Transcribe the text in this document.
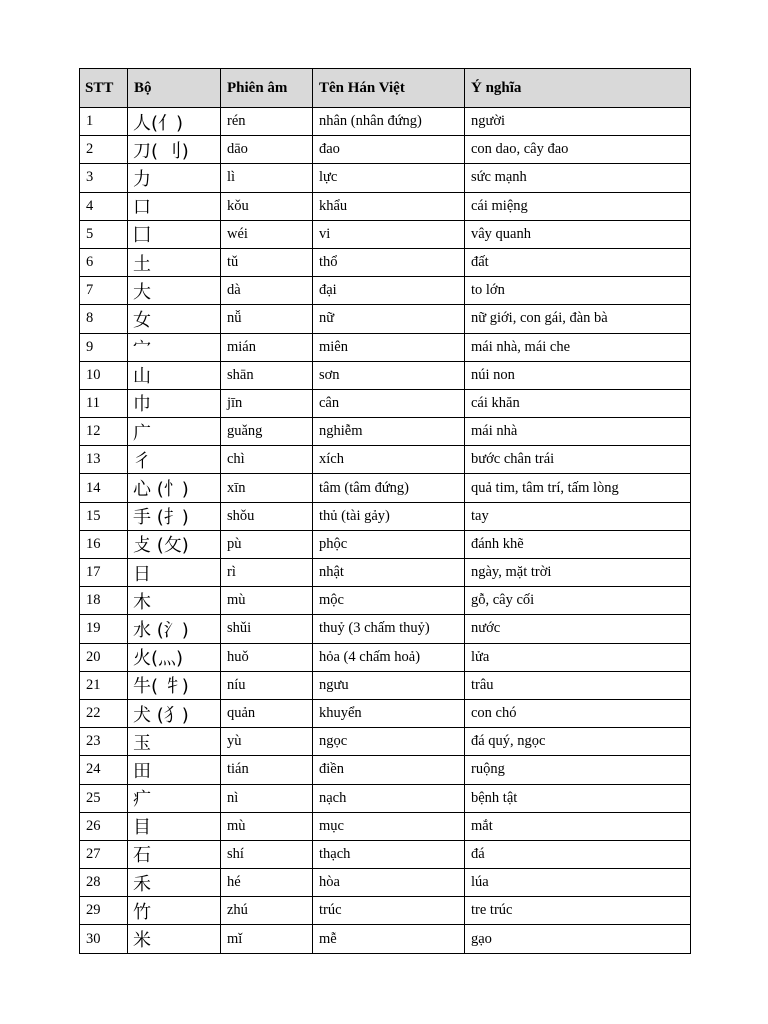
STT	Bộ	Phiên âm	Tên Hán Việt	Ý nghĩa
1	人(亻)	rén	nhân (nhân đứng)	người
2	刀( 刂)	dāo	đao	con dao, cây đao
3	力	lì	lực	sức mạnh
4	口	kǒu	khẩu	cái miệng
5	囗	wéi	vi	vây quanh
6	土	tǔ	thổ	đất
7	大	dà	đại	to lớn
8	女	nǚ	nữ	nữ giới, con gái, đàn bà
9	宀	mián	miên	mái nhà, mái che
10	山	shān	sơn	núi non
11	巾	jīn	cân	cái khăn
12	广	guǎng	nghiễm	mái nhà
13	彳	chì	xích	bước chân trái
14	心 (忄)	xīn	tâm (tâm đứng)	quả tim, tâm trí, tấm lòng
15	手 (扌)	shǒu	thủ (tài gảy)	tay
16	攴 (攵)	pù	phộc	đánh khẽ
17	日	rì	nhật	ngày, mặt trời
18	木	mù	mộc	gỗ, cây cối
19	水 (氵)	shǔi	thuỷ (3 chấm thuỷ)	nước
20	火(灬)	huǒ	hỏa (4 chấm hoả)	lửa
21	牛( 牜)	níu	ngưu	trâu
22	犬 (犭)	quản	khuyển	con chó
23	玉	yù	ngọc	đá quý, ngọc
24	田	tián	điền	ruộng
25	疒	nì	nạch	bệnh tật
26	目	mù	mục	mắt
27	石	shí	thạch	đá
28	禾	hé	hòa	lúa
29	竹	zhú	trúc	tre trúc
30	米	mǐ	mễ	gạo
